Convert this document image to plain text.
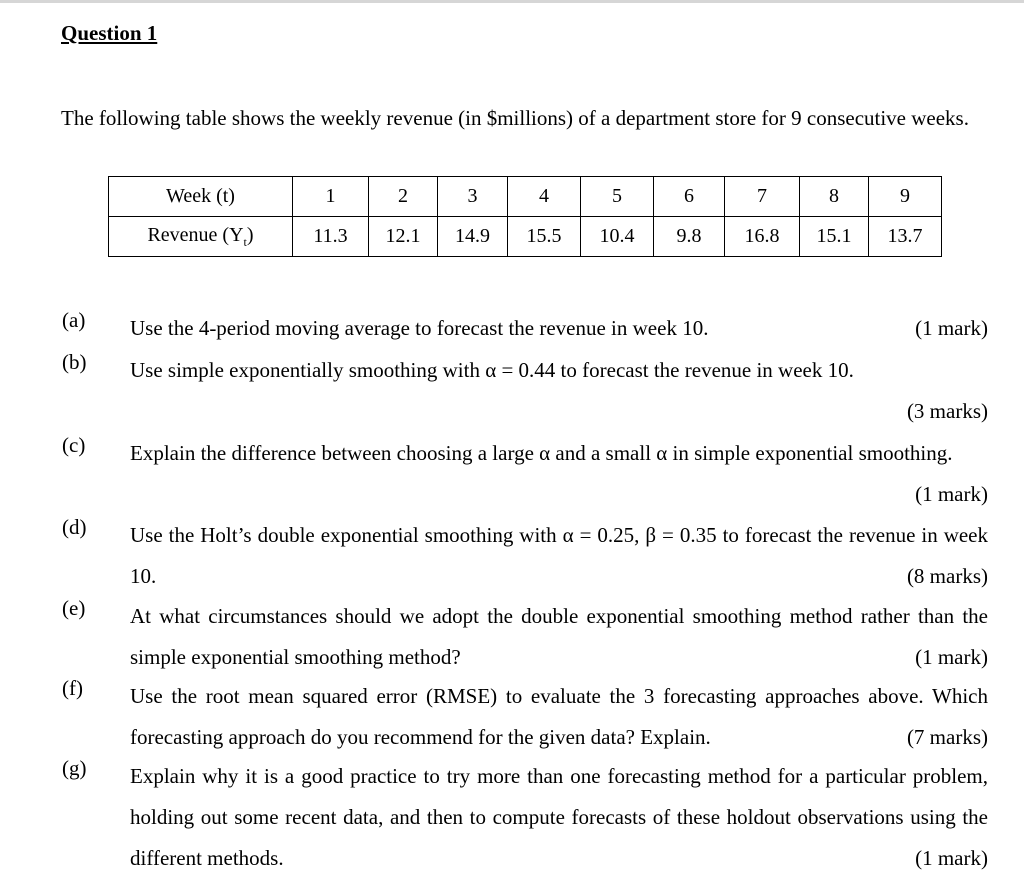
Question 1
The following table shows the weekly revenue (in $millions) of a department store for 9 consecutive weeks.
Week (t)	1	2	3	4	5	6	7	8	9
Revenue $(Y_t)$	11.3	12.1	14.9	15.5	10.4	9.8	16.8	15.1	13.7
(a) Use the 4-period moving average to forecast the revenue in week 10.	(1 mark)
(b) Use simple exponentially smoothing with α = 0.44 to forecast the revenue in week 10.
(3 marks)
(c) Explain the difference between choosing a large α and a small α in simple exponential smoothing.
(1 mark)
(d) Use the Holt’s double exponential smoothing with α = 0.25, β = 0.35 to forecast the revenue in week 10.	(8 marks)
(e) At what circumstances should we adopt the double exponential smoothing method rather than the simple exponential smoothing method?	(1 mark)
(f) Use the root mean squared error (RMSE) to evaluate the 3 forecasting approaches above. Which forecasting approach do you recommend for the given data? Explain.	(7 marks)
(g) Explain why it is a good practice to try more than one forecasting method for a particular problem, holding out some recent data, and then to compute forecasts of these holdout observations using the different methods.	(1 mark)
